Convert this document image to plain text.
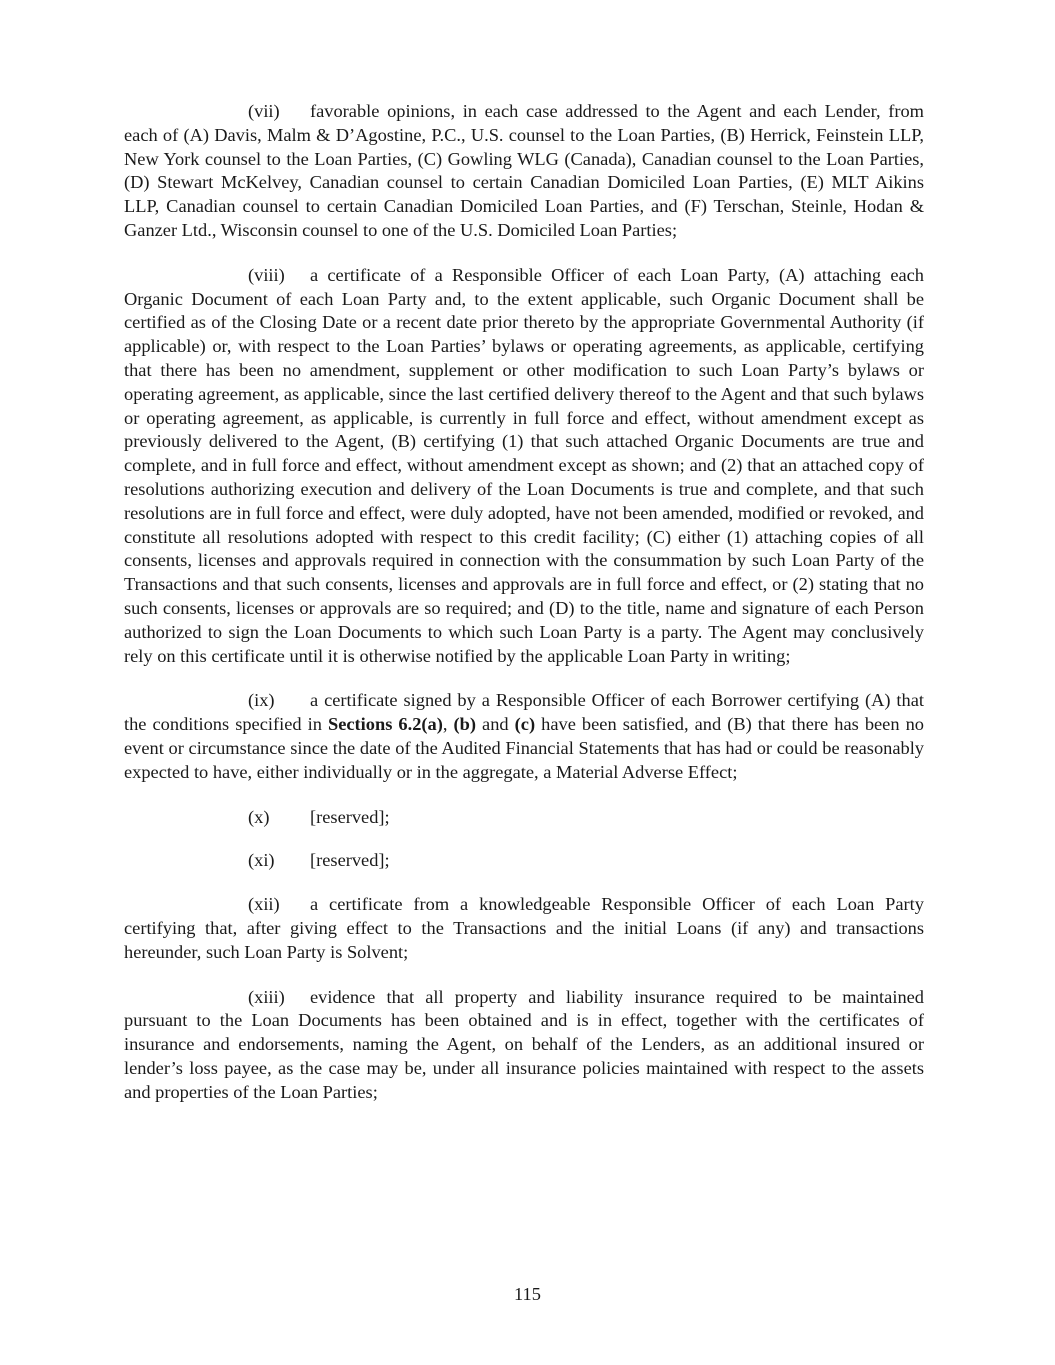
(vii) favorable opinions, in each case addressed to the Agent and each Lender, from each of (A) Davis, Malm & D’Agostine, P.C., U.S. counsel to the Loan Parties, (B) Herrick, Feinstein LLP, New York counsel to the Loan Parties, (C) Gowling WLG (Canada), Canadian counsel to the Loan Parties, (D) Stewart McKelvey, Canadian counsel to certain Canadian Domiciled Loan Parties, (E) MLT Aikins LLP, Canadian counsel to certain Canadian Domiciled Loan Parties, and (F) Terschan, Steinle, Hodan & Ganzer Ltd., Wisconsin counsel to one of the U.S. Domiciled Loan Parties;

(viii) a certificate of a Responsible Officer of each Loan Party, (A) attaching each Organic Document of each Loan Party and, to the extent applicable, such Organic Document shall be certified as of the Closing Date or a recent date prior thereto by the appropriate Governmental Authority (if applicable) or, with respect to the Loan Parties’ bylaws or operating agreements, as applicable, certifying that there has been no amendment, supplement or other modification to such Loan Party’s bylaws or operating agreement, as applicable, since the last certified delivery thereof to the Agent and that such bylaws or operating agreement, as applicable, is currently in full force and effect, without amendment except as previously delivered to the Agent, (B) certifying (1) that such attached Organic Documents are true and complete, and in full force and effect, without amendment except as shown; and (2) that an attached copy of resolutions authorizing execution and delivery of the Loan Documents is true and complete, and that such resolutions are in full force and effect, were duly adopted, have not been amended, modified or revoked, and constitute all resolutions adopted with respect to this credit facility; (C) either (1) attaching copies of all consents, licenses and approvals required in connection with the consummation by such Loan Party of the Transactions and that such consents, licenses and approvals are in full force and effect, or (2) stating that no such consents, licenses or approvals are so required; and (D) to the title, name and signature of each Person authorized to sign the Loan Documents to which such Loan Party is a party. The Agent may conclusively rely on this certificate until it is otherwise notified by the applicable Loan Party in writing;

(ix) a certificate signed by a Responsible Officer of each Borrower certifying (A) that the conditions specified in Sections 6.2(a), (b) and (c) have been satisfied, and (B) that there has been no event or circumstance since the date of the Audited Financial Statements that has had or could be reasonably expected to have, either individually or in the aggregate, a Material Adverse Effect;

(x) [reserved];

(xi) [reserved];

(xii) a certificate from a knowledgeable Responsible Officer of each Loan Party certifying that, after giving effect to the Transactions and the initial Loans (if any) and transactions hereunder, such Loan Party is Solvent;

(xiii) evidence that all property and liability insurance required to be maintained pursuant to the Loan Documents has been obtained and is in effect, together with the certificates of insurance and endorsements, naming the Agent, on behalf of the Lenders, as an additional insured or lender’s loss payee, as the case may be, under all insurance policies maintained with respect to the assets and properties of the Loan Parties;

115
